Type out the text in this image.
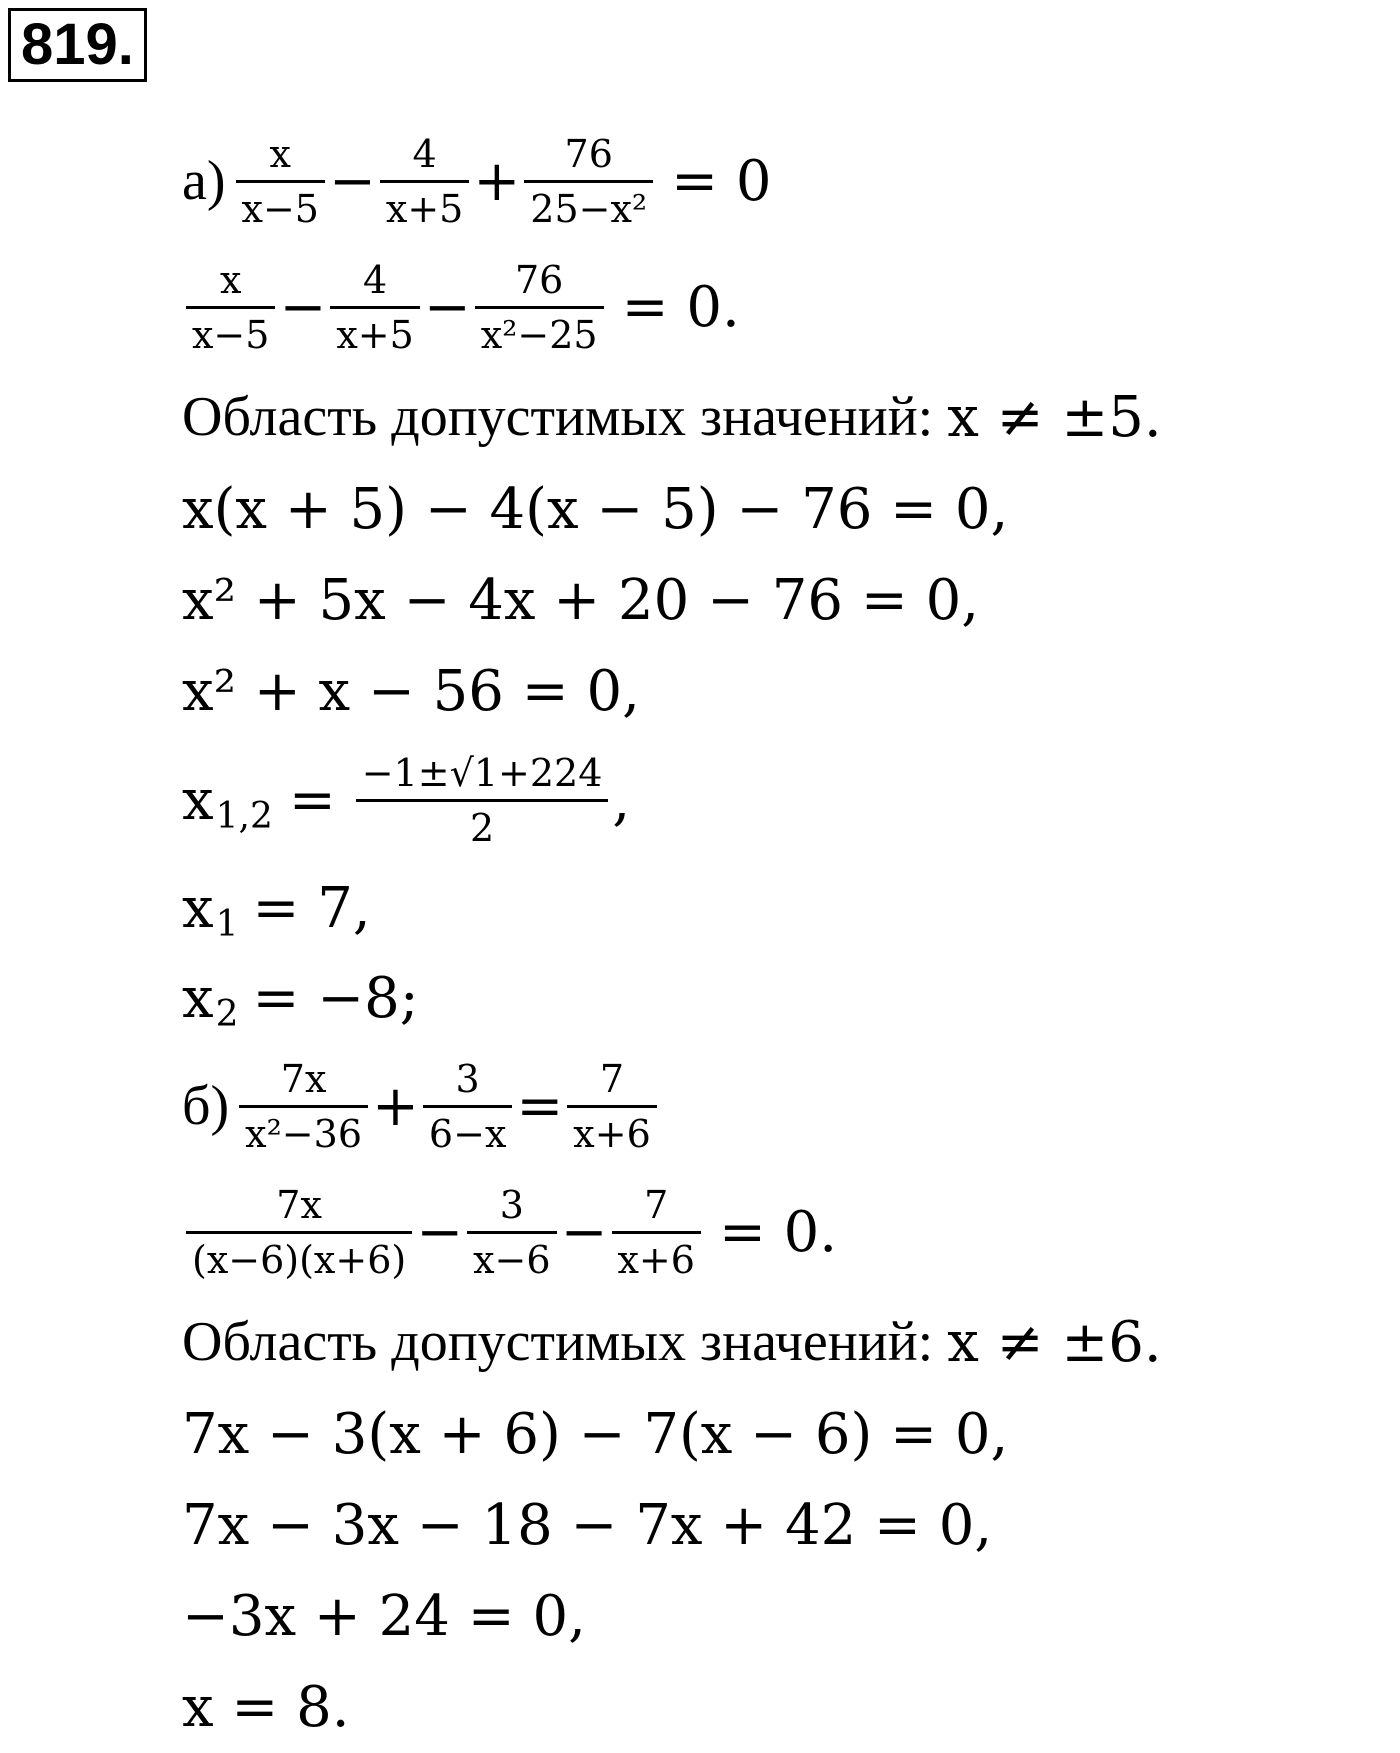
819.
$а) \frac{x}{x-5} - \frac{4}{x+5} + \frac{76}{\text{25−x²}} = 0$
$\frac{x}{x-5} - \frac{4}{x+5} - \frac{76}{\text{x²−25}} = 0$.
Область допустимых значений: x ≠ ±5.
x(x + 5) − 4(x − 5) − 76 = 0,
x² + 5x − 4x + 20 − 76 = 0,
x² + x − 56 = 0,
x $1,2 = \frac{-1\pm√1+224}{2}$ ,
x 1 = 7,
x 2 = −8;
$б) \frac{7x}{\text{x²−36}} + \frac{3}{6-x} = \frac{7}{x+6}$
$\frac{7x}{(x-6)(x+6)} - \frac{3}{x-6} - \frac{7}{x+6} = 0$.
Область допустимых значений: x ≠ ±6.
7x − 3(x + 6) − 7(x − 6) = 0,
7x − 3x − 18 − 7x + 42 = 0,
−3x + 24 = 0,
x = 8.
